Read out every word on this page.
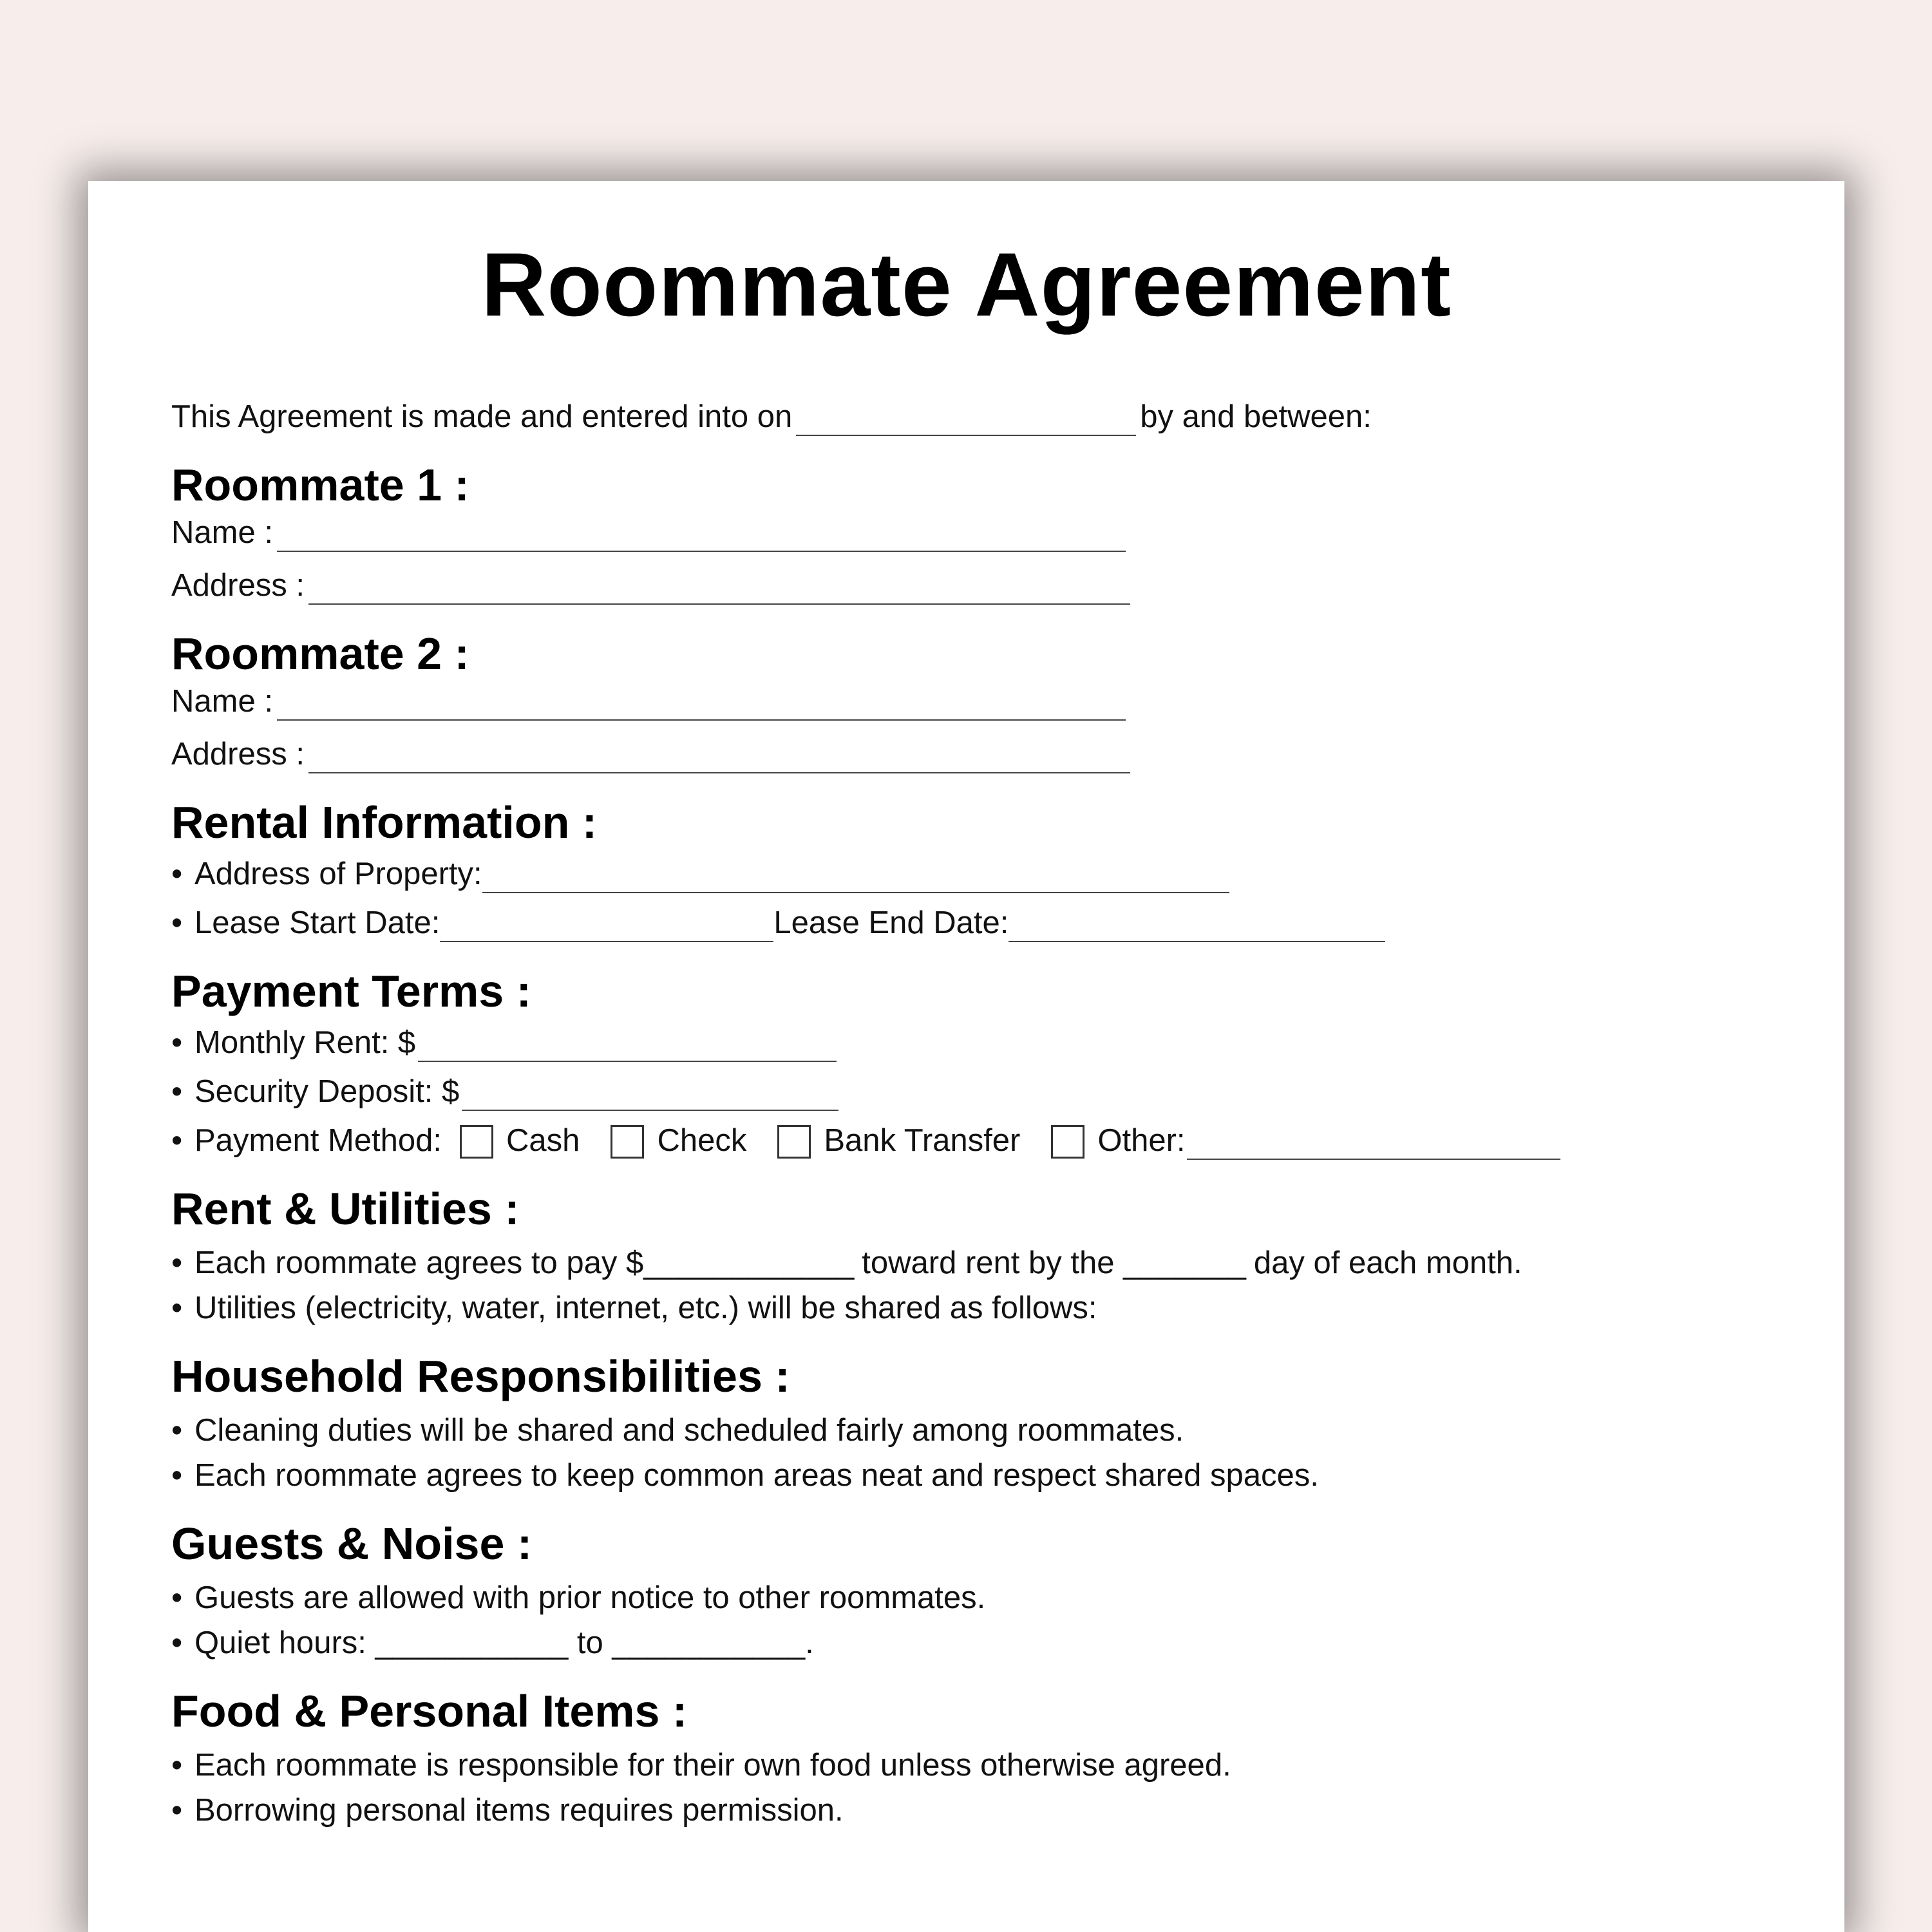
Roommate Agreement
This Agreement is made and entered into on	by and between:
Roommate 1 :
Name :
Address :
Roommate 2 :
Name :
Address :
Rental Information :
• Address of Property:
• Lease Start Date:	Lease End Date:
Payment Terms :
• Monthly Rent: $
• Security Deposit: $
• Payment Method: Cash Check Bank Transfer Other:
Rent & Utilities :
• Each roommate agrees to pay $____________ toward rent by the _______ day of each month.
• Utilities (electricity, water, internet, etc.) will be shared as follows:
Household Responsibilities :
• Cleaning duties will be shared and scheduled fairly among roommates.
• Each roommate agrees to keep common areas neat and respect shared spaces.
Guests & Noise :
• Guests are allowed with prior notice to other roommates.
• Quiet hours: ___________ to ___________.
Food & Personal Items :
• Each roommate is responsible for their own food unless otherwise agreed.
• Borrowing personal items requires permission.
